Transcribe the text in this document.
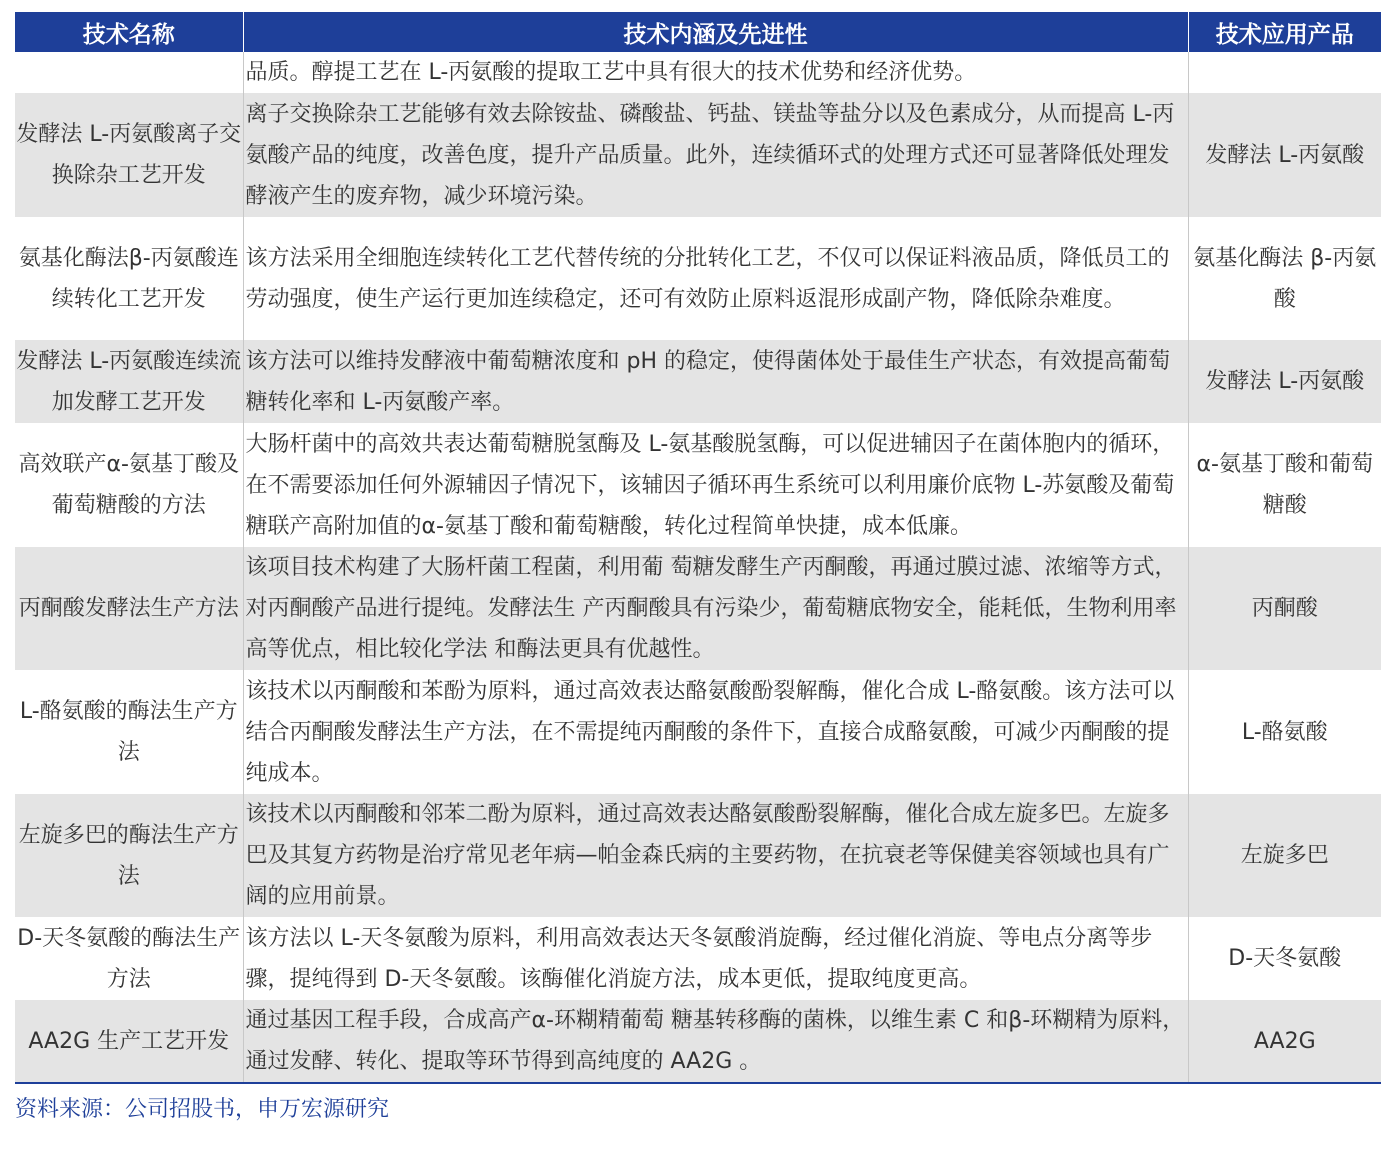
技术名称	技术内涵及先进性	技术应用产品
	品质。醇提工艺在 L-丙氨酸的提取工艺中具有很大的技术优势和经济优势。	
发酵法 L-丙氨酸离子交换除杂工艺开发	离子交换除杂工艺能够有效去除铵盐、磷酸盐、钙盐、镁盐等盐分以及色素成分，从而提高 L-丙氨酸产品的纯度，改善色度，提升产品质量。此外，连续循环式的处理方式还可显著降低处理发酵液产生的废弃物，减少环境污染。	发酵法 L-丙氨酸
氨基化酶法β-丙氨酸连续转化工艺开发	该方法采用全细胞连续转化工艺代替传统的分批转化工艺，不仅可以保证料液品质，降低员工的劳动强度，使生产运行更加连续稳定，还可有效防止原料返混形成副产物，降低除杂难度。	氨基化酶法 β-丙氨酸
发酵法 L-丙氨酸连续流加发酵工艺开发	该方法可以维持发酵液中葡萄糖浓度和 pH 的稳定，使得菌体处于最佳生产状态，有效提高葡萄糖转化率和 L-丙氨酸产率。	发酵法 L-丙氨酸
高效联产α-氨基丁酸及葡萄糖酸的方法	大肠杆菌中的高效共表达葡萄糖脱氢酶及 L-氨基酸脱氢酶，可以促进辅因子在菌体胞内的循环，在不需要添加任何外源辅因子情况下，该辅因子循环再生系统可以利用廉价底物 L-苏氨酸及葡萄糖联产高附加值的α-氨基丁酸和葡萄糖酸，转化过程简单快捷，成本低廉。	α-氨基丁酸和葡萄糖酸
丙酮酸发酵法生产方法	该项目技术构建了大肠杆菌工程菌，利用葡 萄糖发酵生产丙酮酸，再通过膜过滤、浓缩等方式，对丙酮酸产品进行提纯。发酵法生 产丙酮酸具有污染少，葡萄糖底物安全，能耗低，生物利用率高等优点，相比较化学法 和酶法更具有优越性。	丙酮酸
L-酪氨酸的酶法生产方法	该技术以丙酮酸和苯酚为原料，通过高效表达酪氨酸酚裂解酶，催化合成 L-酪氨酸。该方法可以结合丙酮酸发酵法生产方法，在不需提纯丙酮酸的条件下，直接合成酪氨酸，可减少丙酮酸的提纯成本。	L-酪氨酸
左旋多巴的酶法生产方法	该技术以丙酮酸和邻苯二酚为原料，通过高效表达酪氨酸酚裂解酶，催化合成左旋多巴。左旋多巴及其复方药物是治疗常见老年病—帕金森氏病的主要药物，在抗衰老等保健美容领域也具有广阔的应用前景。	左旋多巴
D-天冬氨酸的酶法生产方法	该方法以 L-天冬氨酸为原料，利用高效表达天冬氨酸消旋酶，经过催化消旋、等电点分离等步骤，提纯得到 D-天冬氨酸。该酶催化消旋方法，成本更低，提取纯度更高。	D-天冬氨酸
AA2G 生产工艺开发	通过基因工程手段，合成高产α-环糊精葡萄 糖基转移酶的菌株，以维生素 C 和β-环糊精为原料，通过发酵、转化、提取等环节得到高纯度的 AA2G 。	AA2G
资料来源：公司招股书，申万宏源研究
